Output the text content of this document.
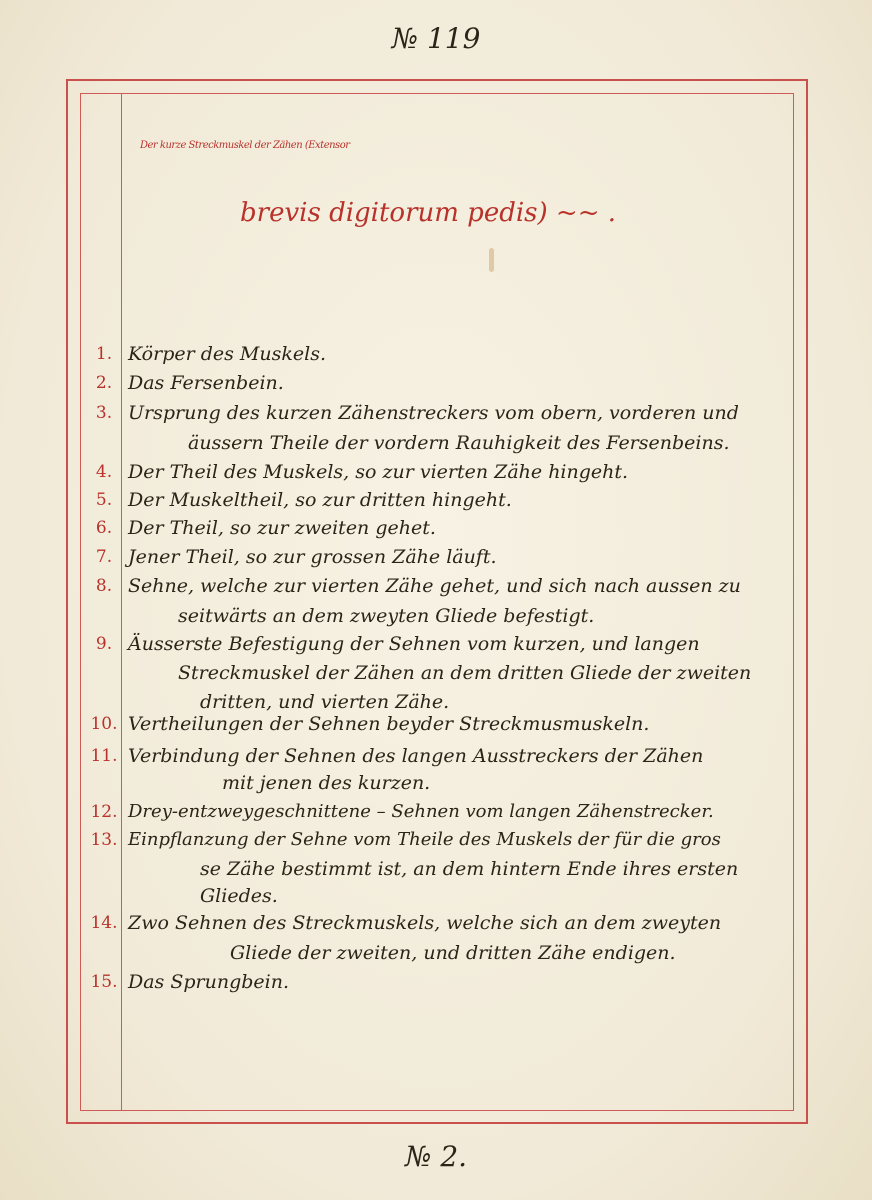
№ 119
Der kurze Streckmuskel der Zähen (Extensor
brevis digitorum pedis) ~~ .
1. Körper des Muskels.
2. Das Fersenbein.
3. Ursprung des kurzen Zähenstreckers vom obern, vorderen und
äussern Theile der vordern Rauhigkeit des Fersenbeins.
4. Der Theil des Muskels, so zur vierten Zähe hingeht.
5. Der Muskeltheil, so zur dritten hingeht.
6. Der Theil, so zur zweiten gehet.
7. Jener Theil, so zur grossen Zähe läuft.
8. Sehne, welche zur vierten Zähe gehet, und sich nach aussen zu
seitwärts an dem zweyten Gliede befestigt.
9. Äusserste Befestigung der Sehnen vom kurzen, und langen
Streckmuskel der Zähen an dem dritten Gliede der zweiten
dritten, und vierten Zähe.
10. Vertheilungen der Sehnen beyder Streckmusmuskeln.
11. Verbindung der Sehnen des langen Ausstreckers der Zähen
mit jenen des kurzen.
12. Drey-entzweygeschnittene – Sehnen vom langen Zähenstrecker.
13. Einpflanzung der Sehne vom Theile des Muskels der für die gros
se Zähe bestimmt ist, an dem hintern Ende ihres ersten
Gliedes.
14. Zwo Sehnen des Streckmuskels, welche sich an dem zweyten
Gliede der zweiten, und dritten Zähe endigen.
15. Das Sprungbein.
№ 2.
